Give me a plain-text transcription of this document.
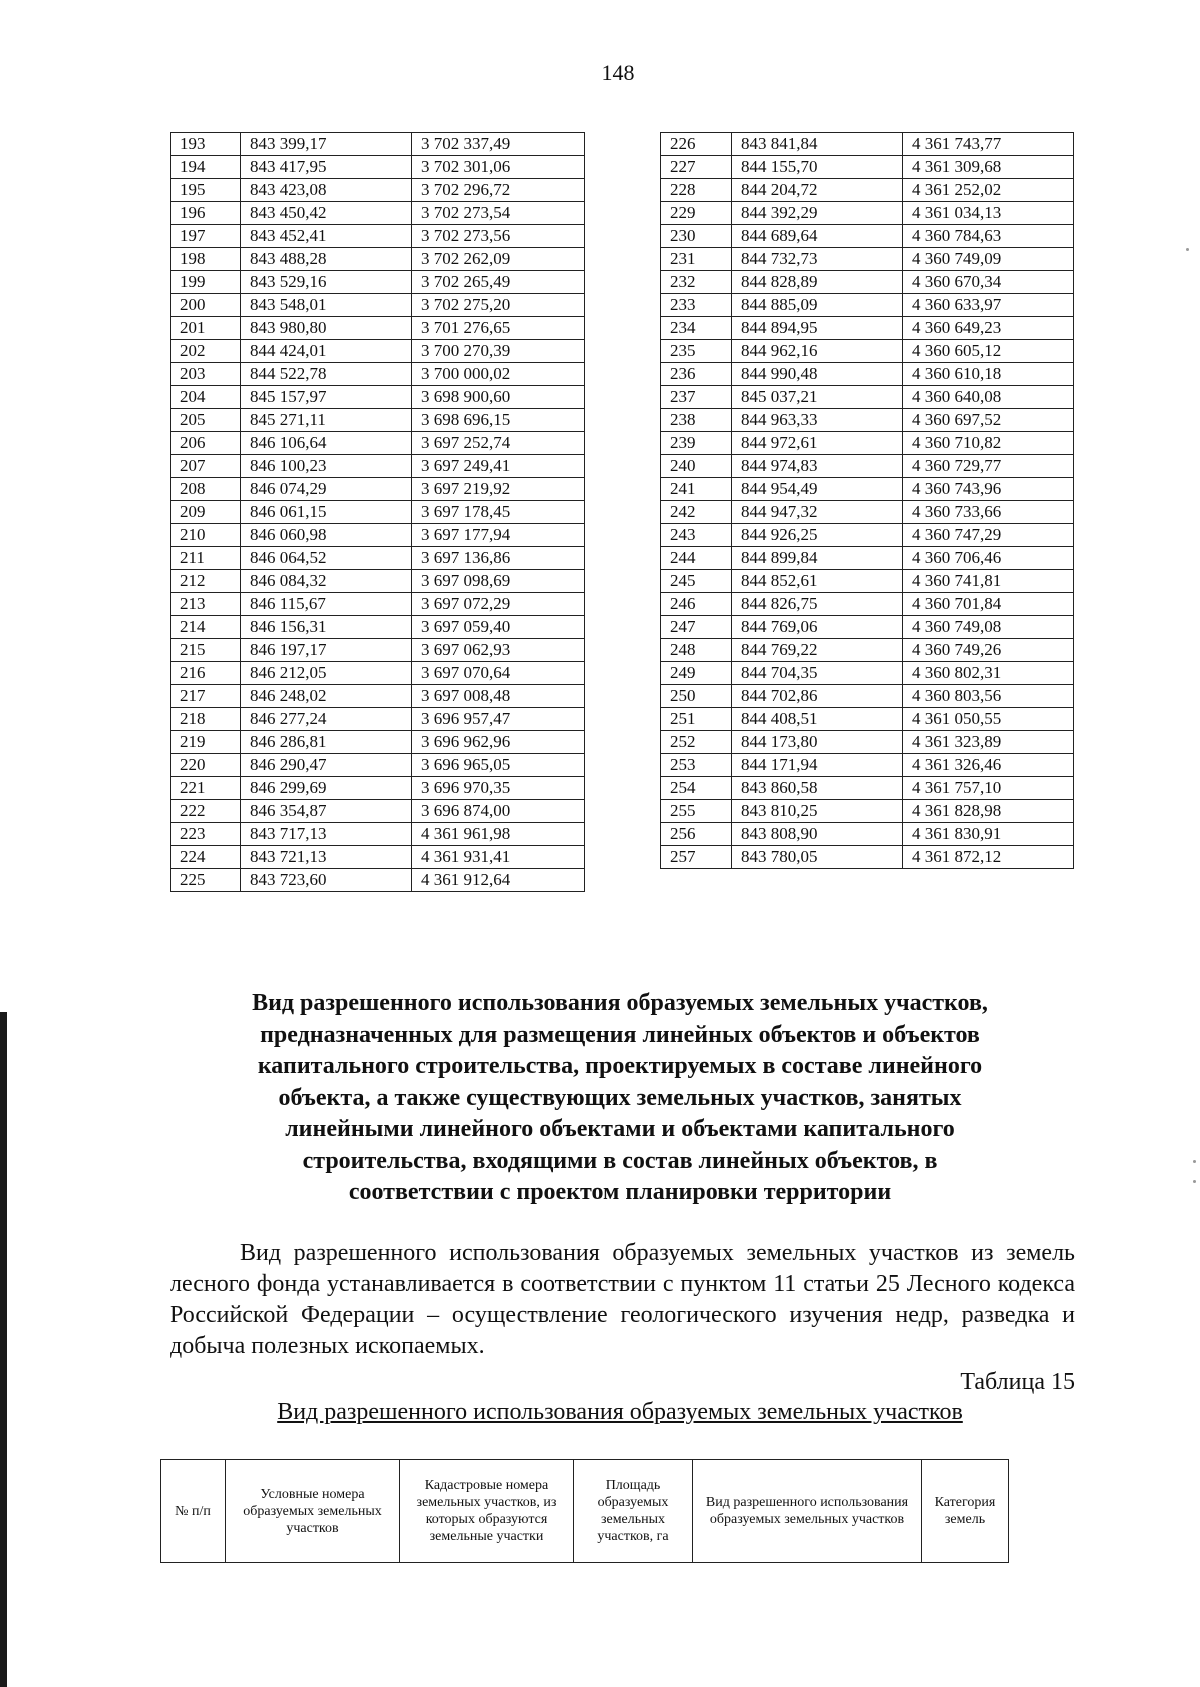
148
193	843 399,17	3 702 337,49
194	843 417,95	3 702 301,06
195	843 423,08	3 702 296,72
196	843 450,42	3 702 273,54
197	843 452,41	3 702 273,56
198	843 488,28	3 702 262,09
199	843 529,16	3 702 265,49
200	843 548,01	3 702 275,20
201	843 980,80	3 701 276,65
202	844 424,01	3 700 270,39
203	844 522,78	3 700 000,02
204	845 157,97	3 698 900,60
205	845 271,11	3 698 696,15
206	846 106,64	3 697 252,74
207	846 100,23	3 697 249,41
208	846 074,29	3 697 219,92
209	846 061,15	3 697 178,45
210	846 060,98	3 697 177,94
211	846 064,52	3 697 136,86
212	846 084,32	3 697 098,69
213	846 115,67	3 697 072,29
214	846 156,31	3 697 059,40
215	846 197,17	3 697 062,93
216	846 212,05	3 697 070,64
217	846 248,02	3 697 008,48
218	846 277,24	3 696 957,47
219	846 286,81	3 696 962,96
220	846 290,47	3 696 965,05
221	846 299,69	3 696 970,35
222	846 354,87	3 696 874,00
223	843 717,13	4 361 961,98
224	843 721,13	4 361 931,41
225	843 723,60	4 361 912,64
226	843 841,84	4 361 743,77
227	844 155,70	4 361 309,68
228	844 204,72	4 361 252,02
229	844 392,29	4 361 034,13
230	844 689,64	4 360 784,63
231	844 732,73	4 360 749,09
232	844 828,89	4 360 670,34
233	844 885,09	4 360 633,97
234	844 894,95	4 360 649,23
235	844 962,16	4 360 605,12
236	844 990,48	4 360 610,18
237	845 037,21	4 360 640,08
238	844 963,33	4 360 697,52
239	844 972,61	4 360 710,82
240	844 974,83	4 360 729,77
241	844 954,49	4 360 743,96
242	844 947,32	4 360 733,66
243	844 926,25	4 360 747,29
244	844 899,84	4 360 706,46
245	844 852,61	4 360 741,81
246	844 826,75	4 360 701,84
247	844 769,06	4 360 749,08
248	844 769,22	4 360 749,26
249	844 704,35	4 360 802,31
250	844 702,86	4 360 803,56
251	844 408,51	4 361 050,55
252	844 173,80	4 361 323,89
253	844 171,94	4 361 326,46
254	843 860,58	4 361 757,10
255	843 810,25	4 361 828,98
256	843 808,90	4 361 830,91
257	843 780,05	4 361 872,12
Вид разрешенного использования образуемых земельных участков,
предназначенных для размещения линейных объектов и объектов
капитального строительства, проектируемых в составе линейного
объекта, а также существующих земельных участков, занятых
линейными линейного объектами и объектами капитального
строительства, входящими в состав линейных объектов, в
соответствии с проектом планировки территории
Вид разрешенного использования образуемых земельных участков из земель лесного фонда устанавливается в соответствии с пунктом 11 статьи 25 Лесного кодекса Российской Федерации – осуществление геологического изучения недр, разведка и добыча полезных ископаемых.
Таблица 15
Вид разрешенного использования образуемых земельных участков
№ п/п	Условные номера образуемых земельных участков	Кадастровые номера земельных участков, из которых образуются земельные участки	Площадь образуемых земельных участков, га	Вид разрешенного использования образуемых земельных участков	Категория земель
